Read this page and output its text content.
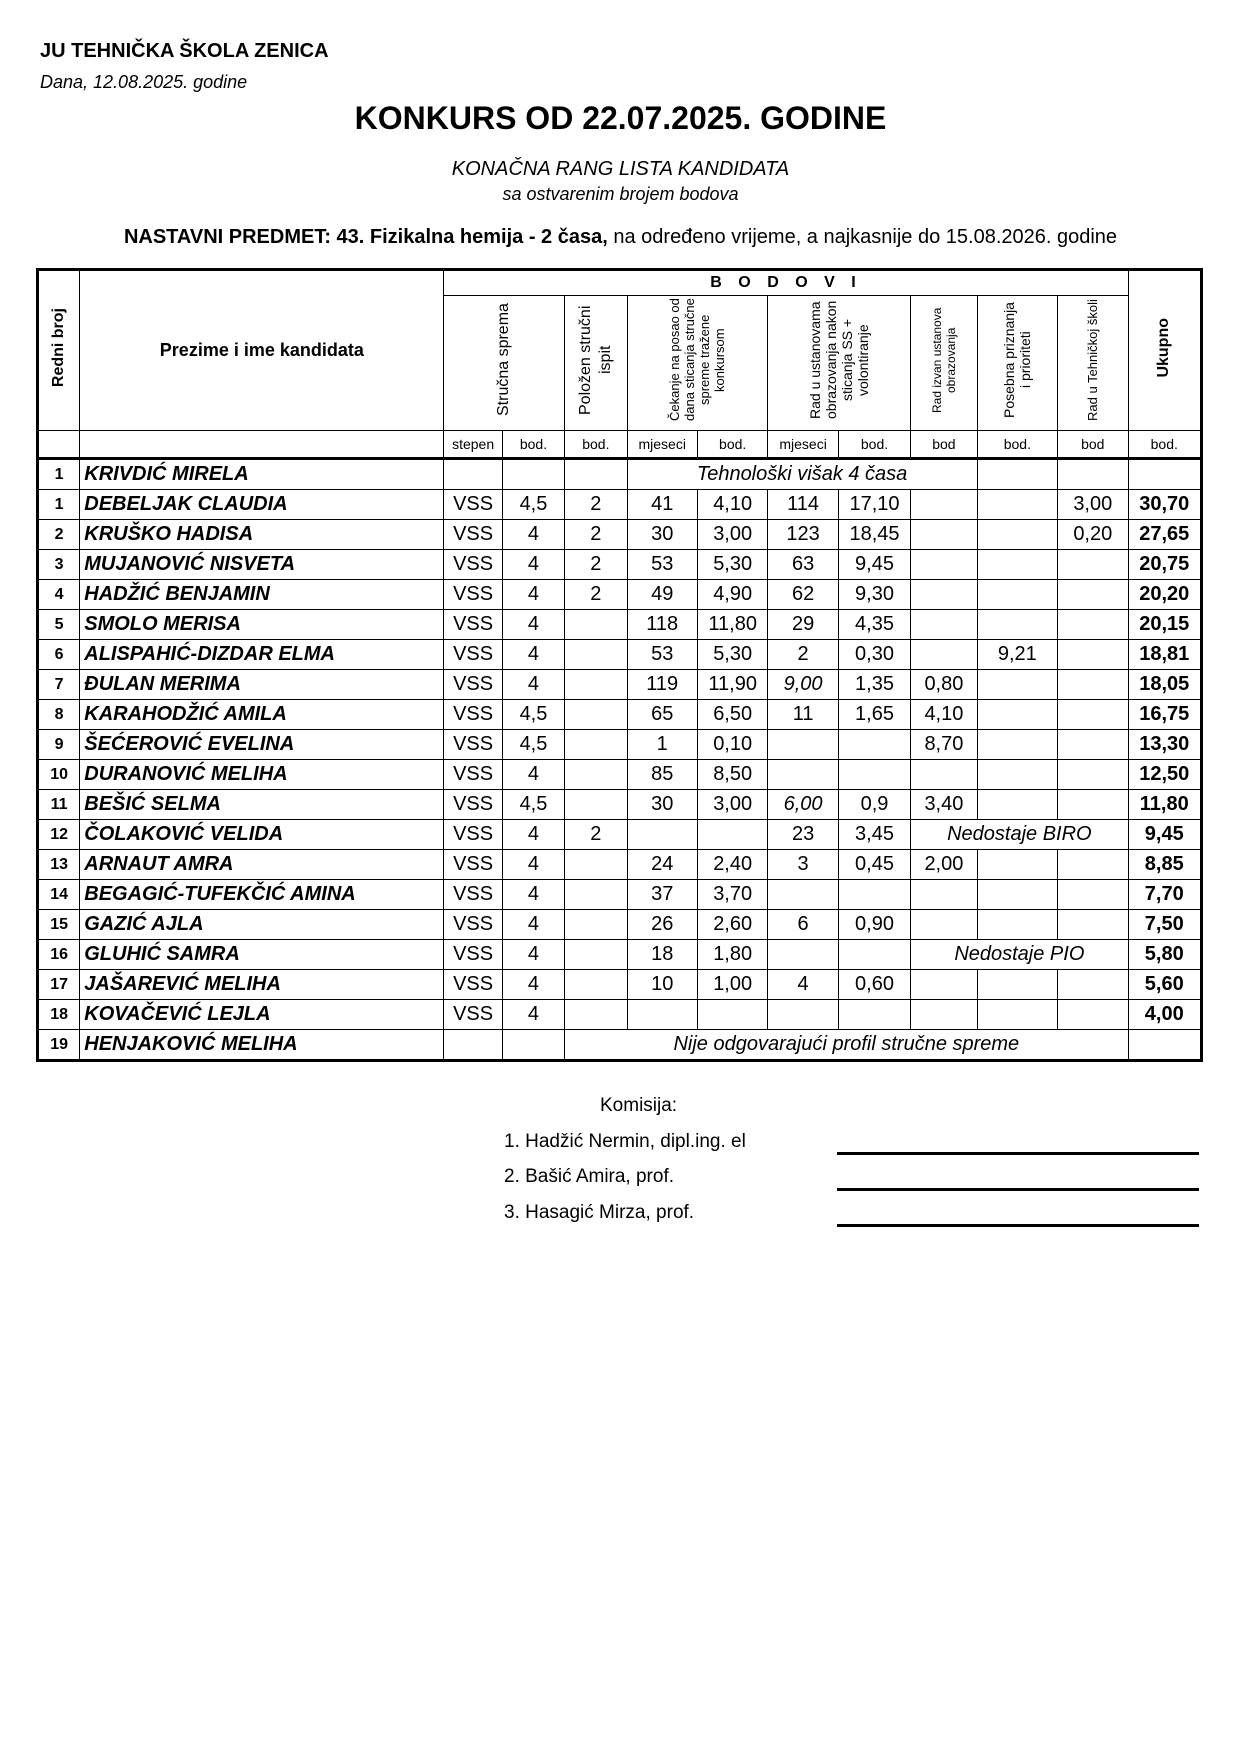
JU TEHNIČKA ŠKOLA ZENICA
Dana, 12.08.2025. godine
KONKURS OD 22.07.2025. GODINE
KONAČNA RANG LISTA KANDIDATA
sa ostvarenim brojem bodova
NASTAVNI PREDMET: 43. Fizikalna hemija - 2 časa, na određeno vrijeme, a najkasnije do 15.08.2026. godine
Redni broj	Prezime i ime kandidata	B O D O V I										Ukupno
		Stručna sprema		Položen stručni ispit	Čekanje na posao od dana sticanja stručne spreme tražene konkursom		Rad u ustanovama obrazovanja nakon sticanja SS + volontiranje		Rad izvan ustanova obrazovanja	Posebna priznanja i prioriteti	Rad u Tehničkoj školi	
		stepen	bod.	bod.	mjeseci	bod.	mjeseci	bod.	bod	bod.	bod	bod.
1	KRIVDIĆ MIRELA				Tehnološki višak 4 časa							
1	DEBELJAK CLAUDIA	VSS	4,5	2	41	4,10	114	17,10			3,00	30,70
2	KRUŠKO HADISA	VSS	4	2	30	3,00	123	18,45			0,20	27,65
3	MUJANOVIĆ NISVETA	VSS	4	2	53	5,30	63	9,45				20,75
4	HADŽIĆ BENJAMIN	VSS	4	2	49	4,90	62	9,30				20,20
5	SMOLO MERISA	VSS	4		118	11,80	29	4,35				20,15
6	ALISPAHIĆ-DIZDAR ELMA	VSS	4		53	5,30	2	0,30		9,21		18,81
7	ĐULAN MERIMA	VSS	4		119	11,90	9,00	1,35	0,80			18,05
8	KARAHODŽIĆ AMILA	VSS	4,5		65	6,50	11	1,65	4,10			16,75
9	ŠEĆEROVIĆ EVELINA	VSS	4,5		1	0,10			8,70			13,30
10	DURANOVIĆ MELIHA	VSS	4		85	8,50						12,50
11	BEŠIĆ SELMA	VSS	4,5		30	3,00	6,00	0,9	3,40			11,80
12	ČOLAKOVIĆ VELIDA	VSS	4	2			23	3,45	Nedostaje BIRO			9,45
13	ARNAUT AMRA	VSS	4		24	2,40	3	0,45	2,00			8,85
14	BEGAGIĆ-TUFEKČIĆ AMINA	VSS	4		37	3,70						7,70
15	GAZIĆ AJLA	VSS	4		26	2,60	6	0,90				7,50
16	GLUHIĆ SAMRA	VSS	4		18	1,80			Nedostaje PIO			5,80
17	JAŠAREVIĆ MELIHA	VSS	4		10	1,00	4	0,60				5,60
18	KOVAČEVIĆ LEJLA	VSS	4									4,00
19	HENJAKOVIĆ MELIHA			Nije odgovarajući profil stručne spreme								
Komisija:
1. Hadžić Nermin, dipl.ing. el
2. Bašić Amira, prof.
3. Hasagić Mirza, prof.
